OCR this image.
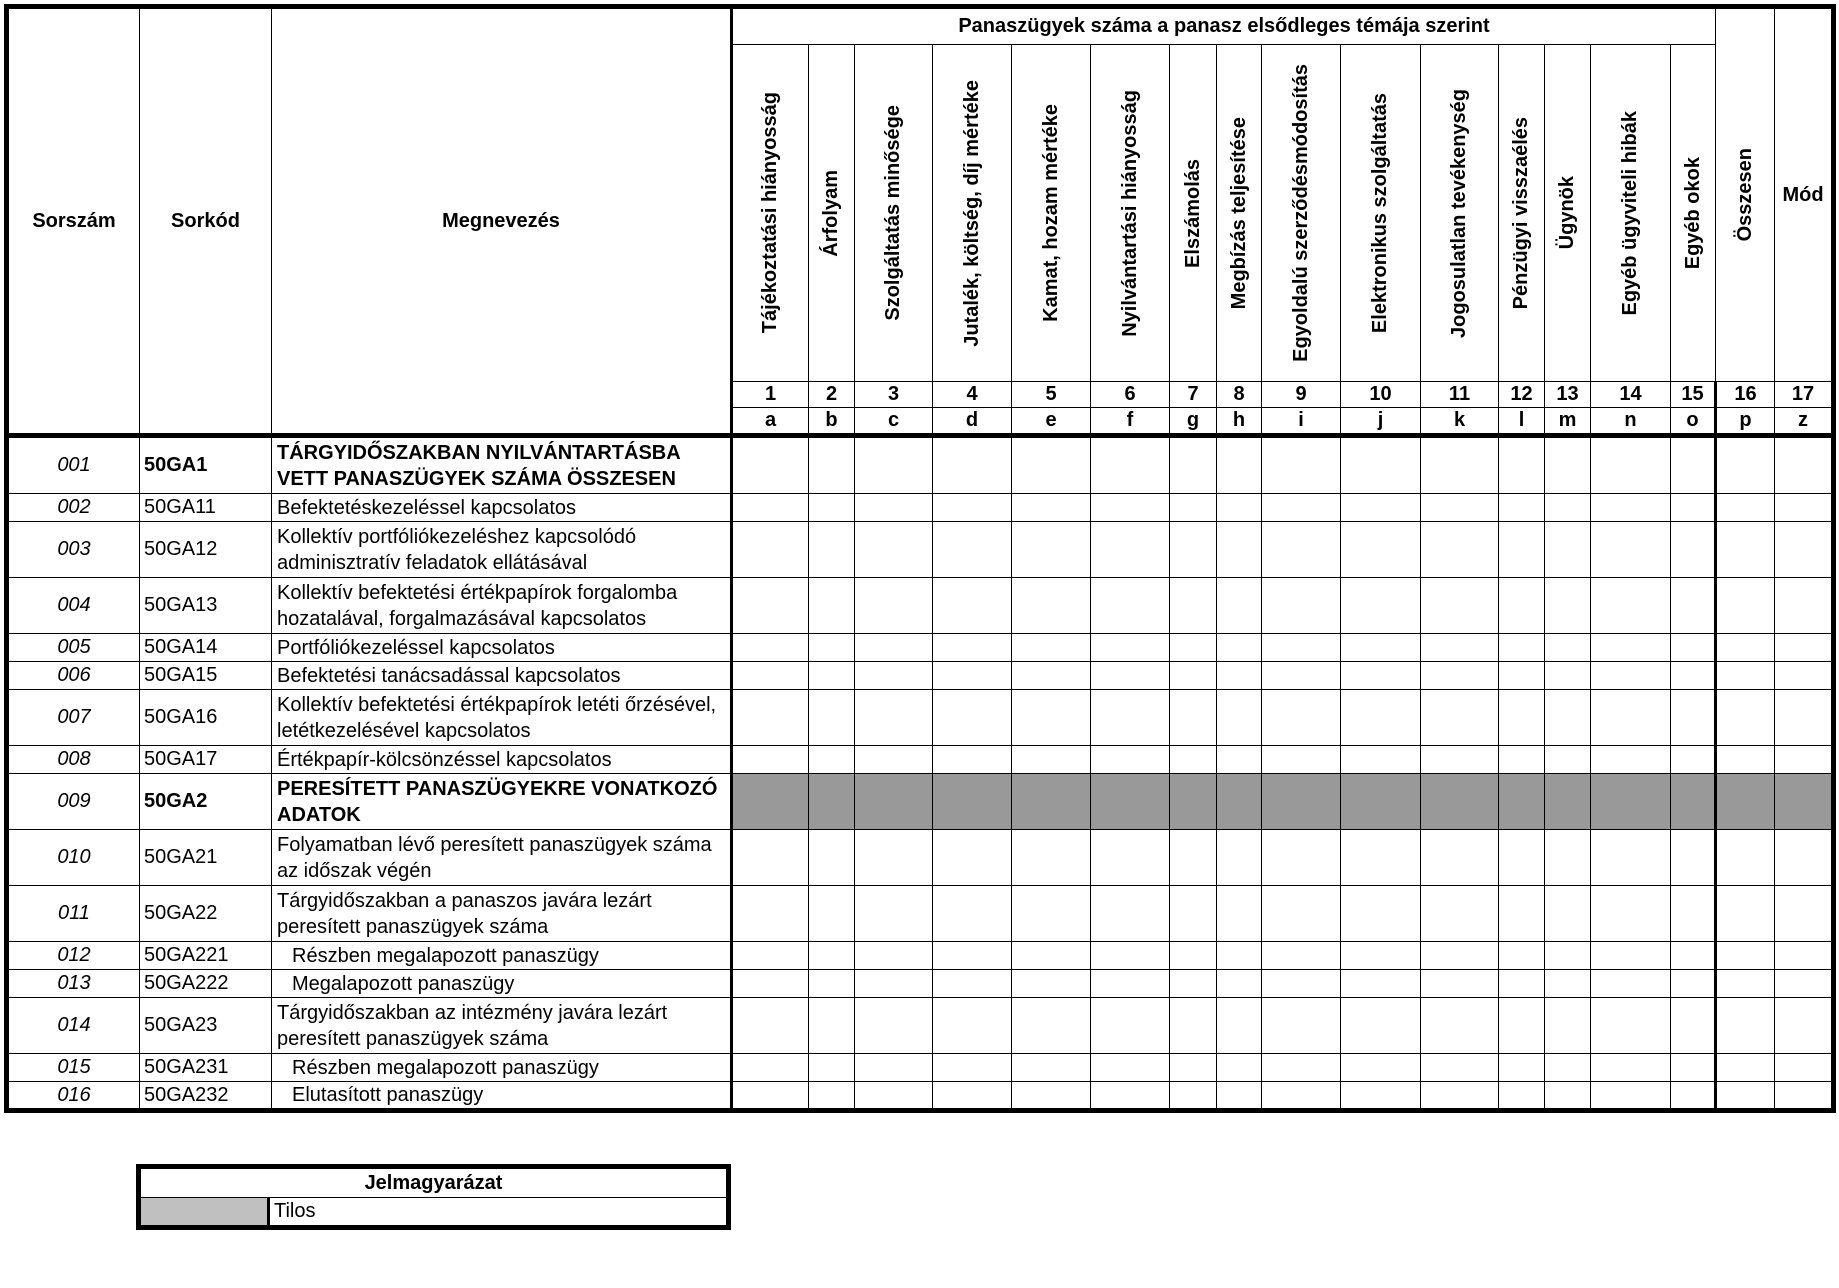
Sorszám	Sorkód	Megnevezés	Panaszügyek száma a panasz elsődleges témája szerint															Összesen	Mód

			Tájékoztatási hiányosság	Árfolyam	Szolgáltatás minősége	Jutalék, költség, díj mértéke	Kamat, hozam mértéke	Nyilvántartási hiányosság	Elszámolás	Megbízás teljesítése	Egyoldalú szerződésmódosítás	Elektronikus szolgáltatás	Jogosulatlan tevékenység	Pénzügyi visszaélés	Ügynök	Egyéb ügyviteli hibák	Egyéb okok		

			1	2	3	4	5	6	7	8	9	10	11	12	13	14	15	16	17
			a	b	c	d	e	f	g	h	i	j	k	l	m	n	o	p	z
001	50GA1	TÁRGYIDŐSZAKBAN NYILVÁNTARTÁSBA VETT PANASZÜGYEK SZÁMA ÖSSZESEN																	
002	50GA11	Befektetéskezeléssel kapcsolatos																	
003	50GA12	Kollektív portfóliókezeléshez kapcsolódó adminisztratív feladatok ellátásával																	
004	50GA13	Kollektív befektetési értékpapírok forgalomba hozatalával, forgalmazásával kapcsolatos																	
005	50GA14	Portfóliókezeléssel kapcsolatos																	
006	50GA15	Befektetési tanácsadással kapcsolatos																	
007	50GA16	Kollektív befektetési értékpapírok letéti őrzésével, letétkezelésével kapcsolatos																	
008	50GA17	Értékpapír-kölcsönzéssel kapcsolatos																	
009	50GA2	PERESÍTETT PANASZÜGYEKRE VONATKOZÓ ADATOK																	
010	50GA21	Folyamatban lévő peresített panaszügyek száma az időszak végén																	
011	50GA22	Tárgyidőszakban a panaszos javára lezárt peresített panaszügyek száma																	
012	50GA221	Részben megalapozott panaszügy																	
013	50GA222	Megalapozott panaszügy																	
014	50GA23	Tárgyidőszakban az intézmény javára lezárt peresített panaszügyek száma																	
015	50GA231	Részben megalapozott panaszügy																	
016	50GA232	Elutasított panaszügy																	
Jelmagyarázat
	Tilos
